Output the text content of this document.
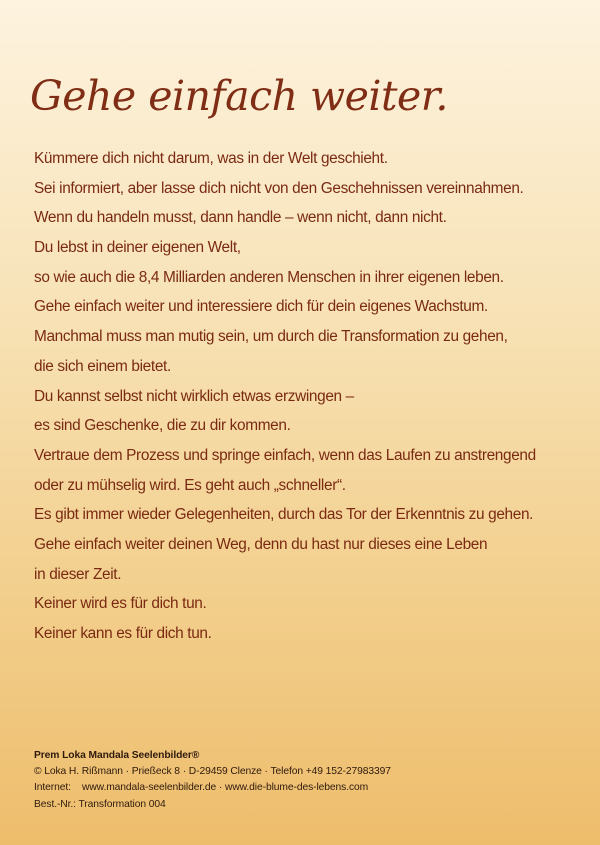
Gehe einfach weiter.
Kümmere dich nicht darum, was in der Welt geschieht.
Sei informiert, aber lasse dich nicht von den Geschehnissen vereinnahmen.
Wenn du handeln musst, dann handle – wenn nicht, dann nicht.
Du lebst in deiner eigenen Welt,
so wie auch die 8,4 Milliarden anderen Menschen in ihrer eigenen leben.
Gehe einfach weiter und interessiere dich für dein eigenes Wachstum.
Manchmal muss man mutig sein, um durch die Transformation zu gehen,
die sich einem bietet.
Du kannst selbst nicht wirklich etwas erzwingen –
es sind Geschenke, die zu dir kommen.
Vertraue dem Prozess und springe einfach, wenn das Laufen zu anstrengend
oder zu mühselig wird. Es geht auch „schneller“.
Es gibt immer wieder Gelegenheiten, durch das Tor der Erkenntnis zu gehen.
Gehe einfach weiter deinen Weg, denn du hast nur dieses eine Leben
in dieser Zeit.
Keiner wird es für dich tun.
Keiner kann es für dich tun.
Prem Loka Mandala Seelenbilder®
© Loka H. Rißmann · Prießeck 8 · D-29459 Clenze · Telefon +49 152-27983397
Internet: www.mandala-seelenbilder.de · www.die-blume-des-lebens.com
Best.-Nr.: Transformation 004
